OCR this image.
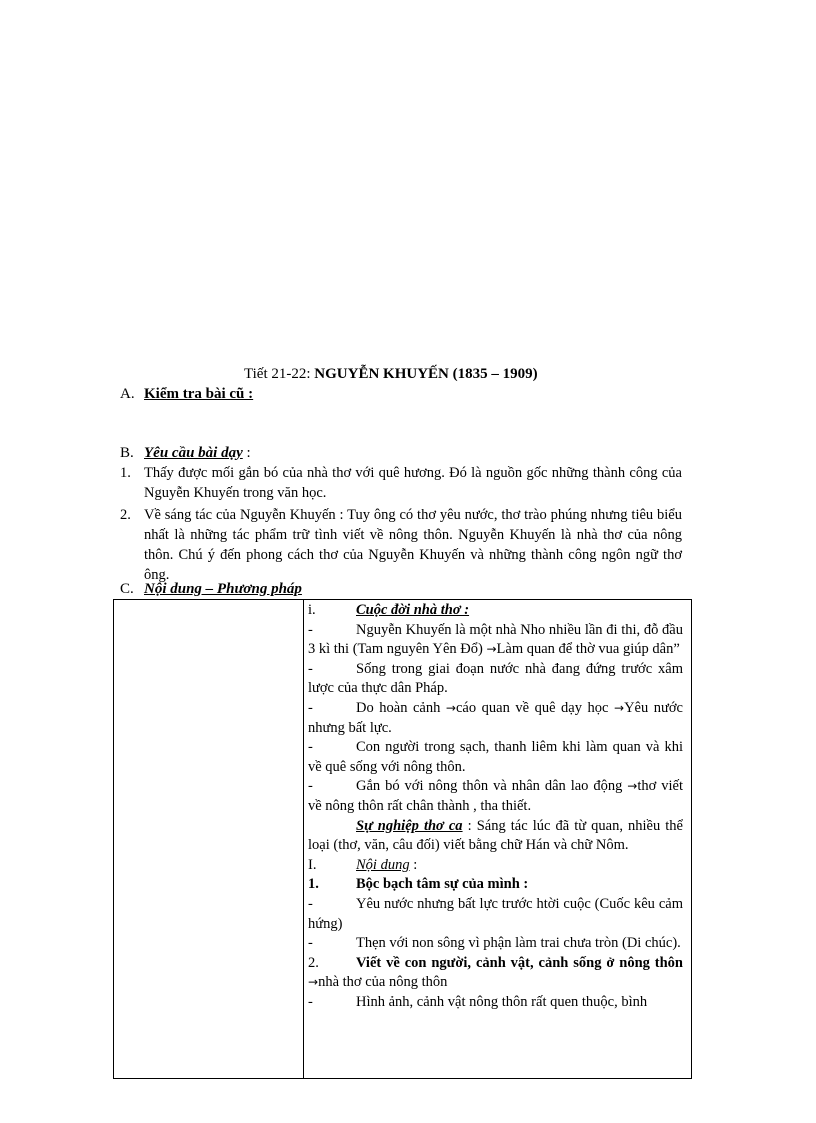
Tiết 21-22: NGUYỄN KHUYẾN (1835 – 1909)
A. Kiểm tra bài cũ :
B. Yêu cầu bài dạy :
1. Thấy được mối gắn bó của nhà thơ với quê hương. Đó là nguồn gốc những thành công của Nguyễn Khuyến trong văn học.
2. Về sáng tác của Nguyễn Khuyến : Tuy ông có thơ yêu nước, thơ trào phúng nhưng tiêu biểu nhất là những tác phẩm trữ tình viết về nông thôn. Nguyễn Khuyến là nhà thơ của nông thôn. Chú ý đến phong cách thơ của Nguyễn Khuyến và những thành công ngôn ngữ thơ ông.
C. Nội dung – Phương pháp
i.	Cuộc đời nhà thơ :
-	Nguyễn Khuyến là một nhà Nho nhiều lần đi thi, đỗ đầu 3 kì thi (Tam nguyên Yên Đổ) →Làm quan để thờ vua giúp dân”
-	Sống trong giai đoạn nước nhà đang đứng trước xâm lược của thực dân Pháp.
-	Do hoàn cảnh →cáo quan về quê dạy học →Yêu nước nhưng bất lực.
-	Con người trong sạch, thanh liêm khi làm quan và khi về quê sống với nông thôn.
-	Gắn bó với nông thôn và nhân dân lao động →thơ viết về nông thôn rất chân thành , tha thiết.
Sự nghiệp thơ ca : Sáng tác lúc đã từ quan, nhiều thể loại (thơ, văn, câu đối) viết bằng chữ Hán và chữ Nôm.
I.	Nội dung :
1.	Bộc bạch tâm sự của mình :
-	Yêu nước nhưng bất lực trước htời cuộc (Cuốc kêu cảm hứng)
-	Thẹn với non sông vì phận làm trai chưa tròn (Di chúc).
2.	Viết về con người, cảnh vật, cảnh sống ở nông thôn →nhà thơ của nông thôn
-	Hình ảnh, cảnh vật nông thôn rất quen thuộc, bình
